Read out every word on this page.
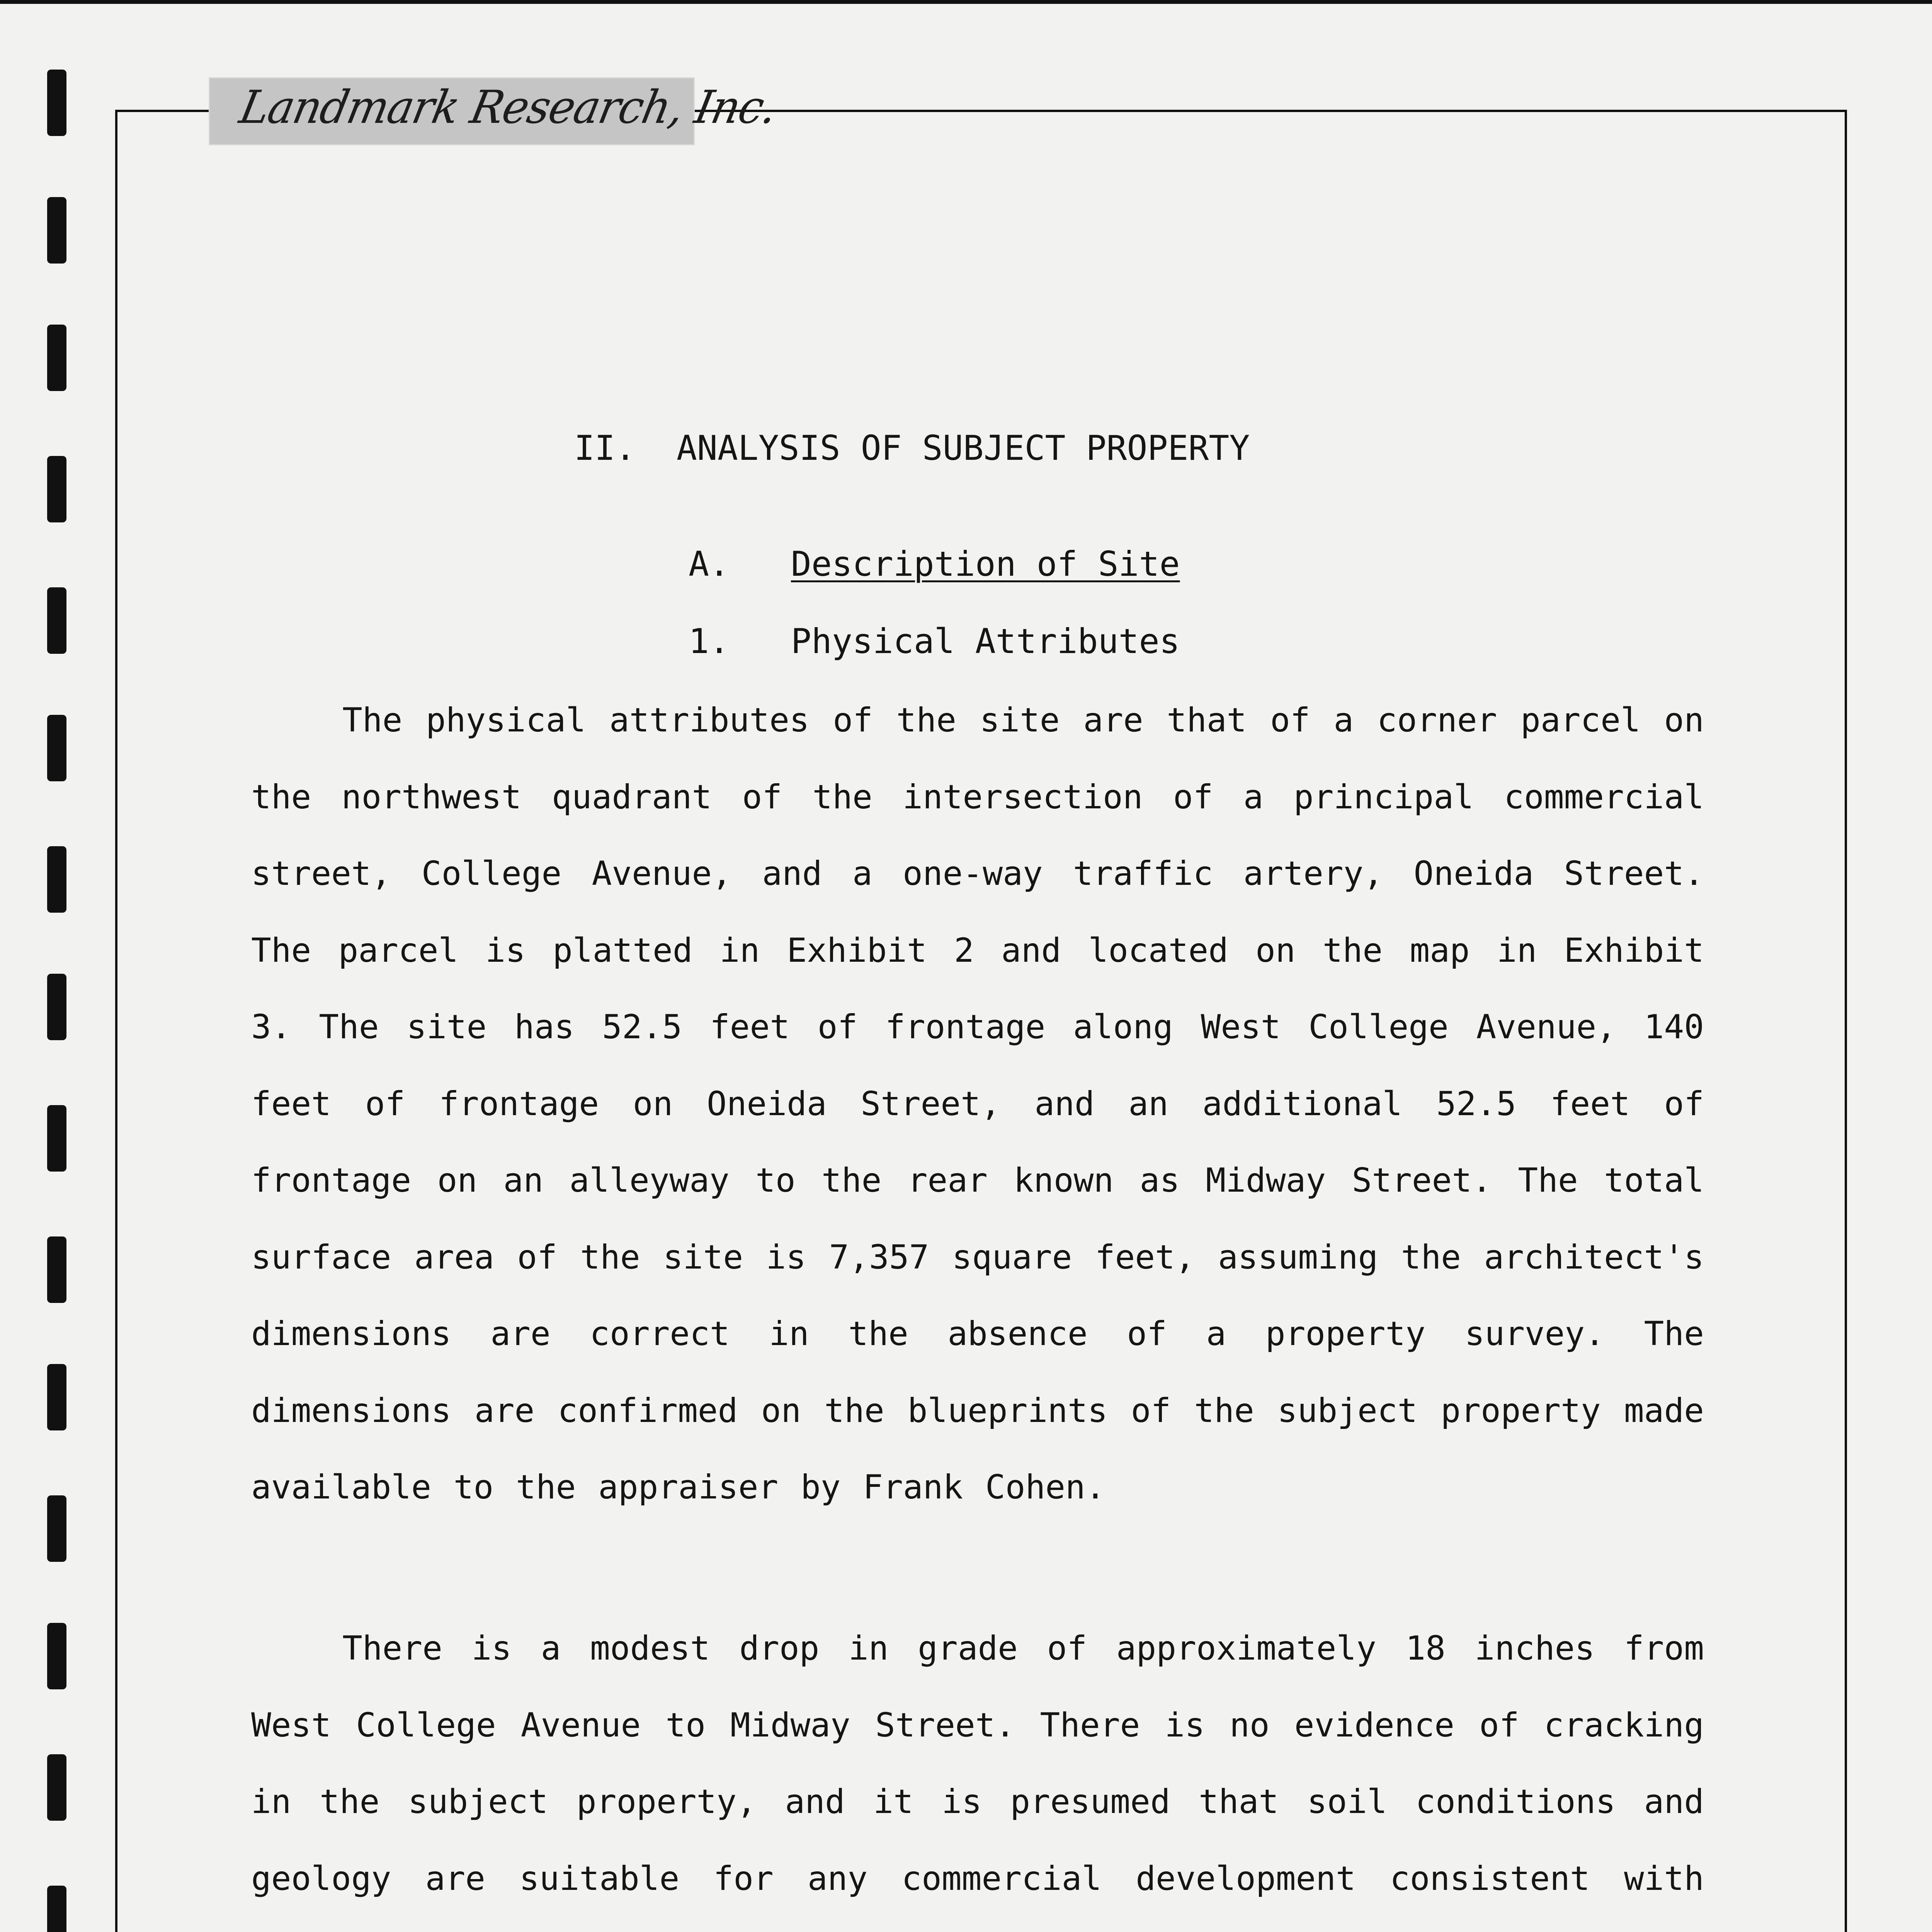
Landmark Research, Inc.
II.  ANALYSIS OF SUBJECT PROPERTY
A. Description of Site
1.   Physical Attributes

The physical attributes of the site are that of a corner parcel on the northwest quadrant of the intersection of a principal commercial street, College Avenue, and a one-way traffic artery, Oneida Street. The parcel is platted in Exhibit 2 and located on the map in Exhibit 3. The site has 52.5 feet of frontage along West College Avenue, 140 feet of frontage on Oneida Street, and an additional 52.5 feet of frontage on an alleyway to the rear known as Midway Street. The total surface area of the site is 7,357 square feet, assuming the architect's dimensions are correct in the absence of a property survey. The dimensions are confirmed on the blueprints of the subject property made available to the appraiser by Frank Cohen.

There is a modest drop in grade of approximately 18 inches from West College Avenue to Midway Street. There is no evidence of cracking in the subject property, and it is presumed that soil conditions and geology are suitable for any commercial development consistent with
